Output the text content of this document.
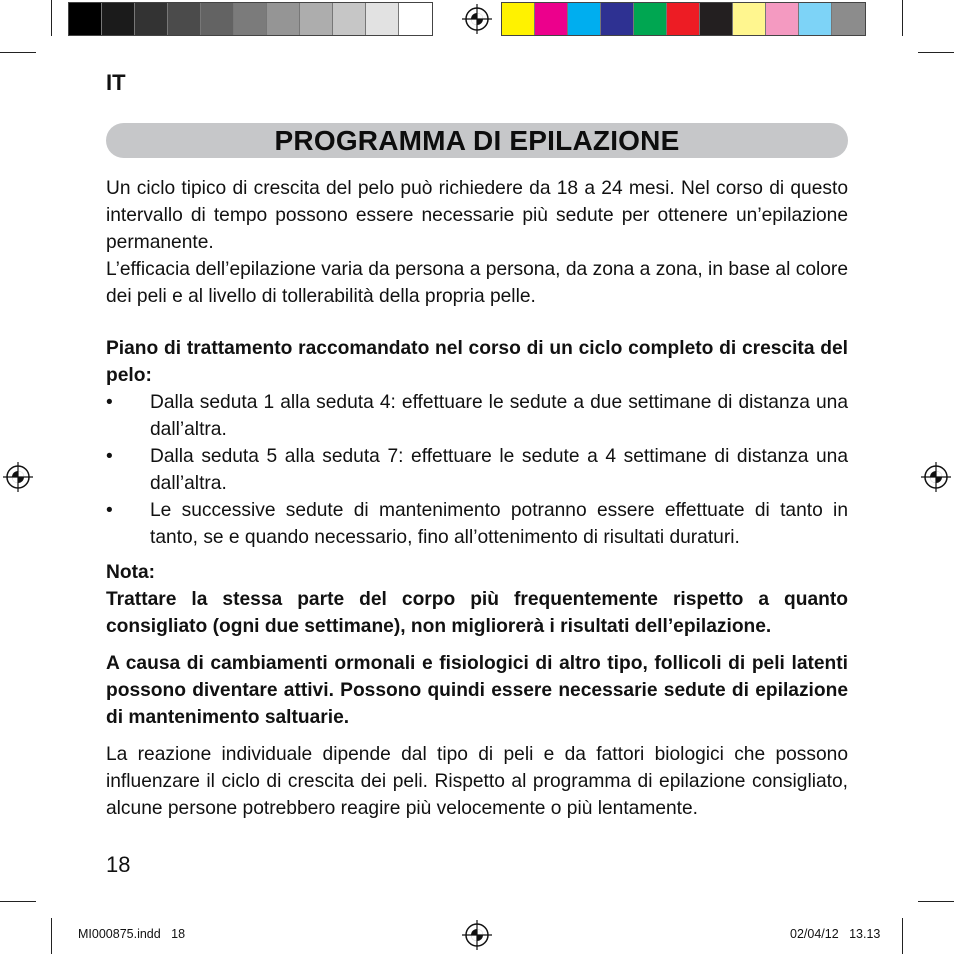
IT
PROGRAMMA DI EPILAZIONE

Un ciclo tipico di crescita del pelo può richiedere da 18 a 24 mesi. Nel corso di questo intervallo di tempo possono essere necessarie più sedute per ottenere un’epilazione permanente.

L’efficacia dell’epilazione varia da persona a persona, da zona a zona, in base al colore dei peli e al livello di tollerabilità della propria pelle.

Piano di trattamento raccomandato nel corso di un ciclo completo di crescita del pelo:

• Dalla seduta 1 alla seduta 4: effettuare le sedute a due settimane di distanza una dall’altra.
• Dalla seduta 5 alla seduta 7: effettuare le sedute a 4 settimane di distanza una dall’altra.
• Le successive sedute di mantenimento potranno essere effettuate di tanto in tanto, se e quando necessario, fino all’ottenimento di risultati duraturi.

Nota:

Trattare la stessa parte del corpo più frequentemente rispetto a quanto consigliato (ogni due settimane), non migliorerà i risultati dell’epilazione.

A causa di cambiamenti ormonali e fisiologici di altro tipo, follicoli di peli latenti possono diventare attivi. Possono quindi essere necessarie sedute di epilazione di mantenimento saltuarie.

La reazione individuale dipende dal tipo di peli e da fattori biologici che possono influenzare il ciclo di crescita dei peli. Rispetto al programma di epilazione consigliato, alcune persone potrebbero reagire più velocemente o più lentamente.

18
MI000875.indd   18	02/04/12   13.13
